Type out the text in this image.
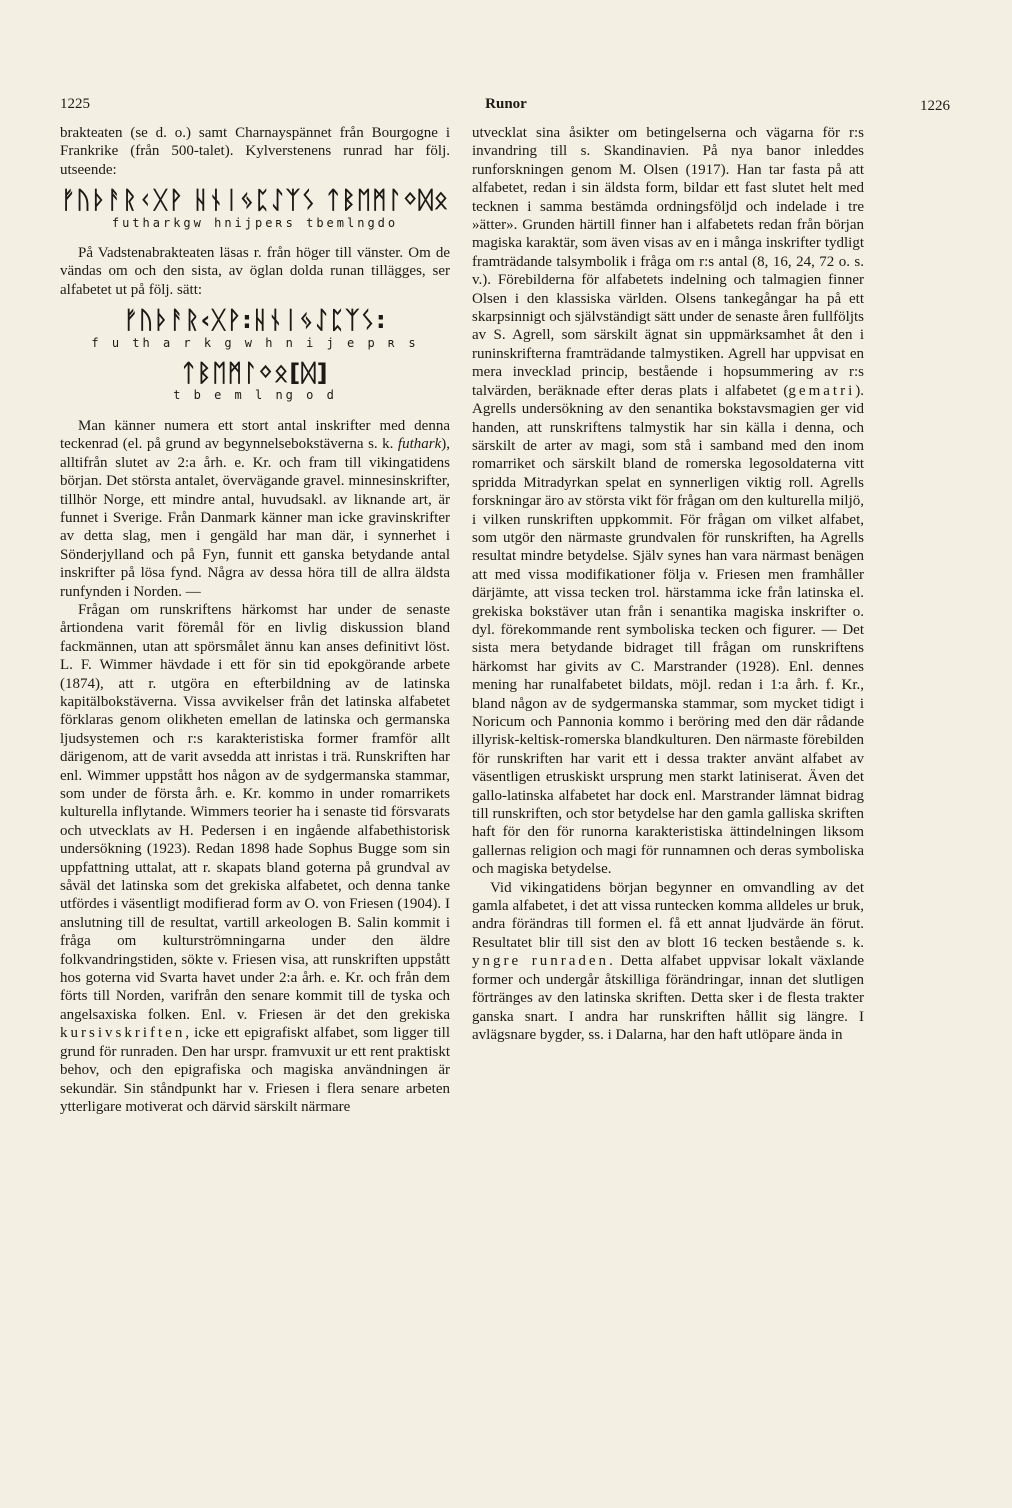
1225	Runor	1226

brakteaten (se d. o.) samt Charnayspännet från Bourgogne i Frankrike (från 500-talet). Kylverstenens runrad har följ. utseende:

ᚠᚢᚦᚨᚱᚲᚷᚹ ᚺᚾᛁᛃᛈᛇᛉᛊ ᛏᛒᛖᛗᛚᛜᛞᛟ
futharkgw hnijpeʀs tbemlngdo

På Vadstenabrakteaten läsas r. från höger till vänster. Om de vändas om och den sista, av öglan dolda runan tillägges, ser alfabetet ut på följ. sätt:

ᚠᚢᚦᚨᚱ‹ᚷᚹ:ᚺᚾᛁᛃᛇᛈᛉᛊ:
f u th a r k g w h n i j e p ʀ s
ᛏᛒᛖᛗᛚᛜᛟ[ᛞ]
t b e m l ng o d

Man känner numera ett stort antal inskrifter med denna teckenrad (el. på grund av begynnelsebokstäverna s. k. futhark), alltifrån slutet av 2:a årh. e. Kr. och fram till vikingatidens början. Det största antalet, övervägande gravel. minnesinskrifter, tillhör Norge, ett mindre antal, huvudsakl. av liknande art, är funnet i Sverige. Från Danmark känner man icke gravinskrifter av detta slag, men i gengäld har man där, i synnerhet i Sönderjylland och på Fyn, funnit ett ganska betydande antal inskrifter på lösa fynd. Några av dessa höra till de allra äldsta runfynden i Norden. —

Frågan om runskriftens härkomst har under de senaste årtiondena varit föremål för en livlig diskussion bland fackmännen, utan att spörsmålet ännu kan anses definitivt löst. L. F. Wimmer hävdade i ett för sin tid epokgörande arbete (1874), att r. utgöra en efterbildning av de latinska kapitälbokstäverna. Vissa avvikelser från det latinska alfabetet förklaras genom olikheten emellan de latinska och germanska ljudsystemen och r:s karakteristiska former framför allt därigenom, att de varit avsedda att inristas i trä. Runskriften har enl. Wimmer uppstått hos någon av de sydgermanska stammar, som under de första årh. e. Kr. kommo in under romarrikets kulturella inflytande. Wimmers teorier ha i senaste tid försvarats och utvecklats av H. Pedersen i en ingående alfabethistorisk undersökning (1923). Redan 1898 hade Sophus Bugge som sin uppfattning uttalat, att r. skapats bland goterna på grundval av såväl det latinska som det grekiska alfabetet, och denna tanke utfördes i väsentligt modifierad form av O. von Friesen (1904). I anslutning till de resultat, vartill arkeologen B. Salin kommit i fråga om kulturströmningarna under den äldre folkvandringstiden, sökte v. Friesen visa, att runskriften uppstått hos goterna vid Svarta havet under 2:a årh. e. Kr. och från dem förts till Norden, varifrån den senare kommit till de tyska och angelsaxiska folken. Enl. v. Friesen är det den grekiska kursivskriften, icke ett epigrafiskt alfabet, som ligger till grund för runraden. Den har urspr. framvuxit ur ett rent praktiskt behov, och den epigrafiska och magiska användningen är sekundär. Sin ståndpunkt har v. Friesen i flera senare arbeten ytterligare motiverat och därvid särskilt närmare

utvecklat sina åsikter om betingelserna och vägarna för r:s invandring till s. Skandinavien. På nya banor inleddes runforskningen genom M. Olsen (1917). Han tar fasta på att alfabetet, redan i sin äldsta form, bildar ett fast slutet helt med tecknen i samma bestämda ordningsföljd och indelade i tre »ätter». Grunden härtill finner han i alfabetets redan från början magiska karaktär, som även visas av en i många inskrifter tydligt framträdande talsymbolik i fråga om r:s antal (8, 16, 24, 72 o. s. v.). Förebilderna för alfabetets indelning och talmagien finner Olsen i den klassiska världen. Olsens tankegångar ha på ett skarpsinnigt och självständigt sätt under de senaste åren fullföljts av S. Agrell, som särskilt ägnat sin uppmärksamhet åt den i runinskrifterna framträdande talmystiken. Agrell har uppvisat en mera invecklad princip, bestående i hopsummering av r:s talvärden, beräknade efter deras plats i alfabetet (gematri). Agrells undersökning av den senantika bokstavsmagien ger vid handen, att runskriftens talmystik har sin källa i denna, och särskilt de arter av magi, som stå i samband med den inom romarriket och särskilt bland de romerska legosoldaterna vitt spridda Mitradyrkan spelat en synnerligen viktig roll. Agrells forskningar äro av största vikt för frågan om den kulturella miljö, i vilken runskriften uppkommit. För frågan om vilket alfabet, som utgör den närmaste grundvalen för runskriften, ha Agrells resultat mindre betydelse. Själv synes han vara närmast benägen att med vissa modifikationer följa v. Friesen men framhåller därjämte, att vissa tecken trol. härstamma icke från latinska el. grekiska bokstäver utan från i senantika magiska inskrifter o. dyl. förekommande rent symboliska tecken och figurer. — Det sista mera betydande bidraget till frågan om runskriftens härkomst har givits av C. Marstrander (1928). Enl. dennes mening har runalfabetet bildats, möjl. redan i 1:a årh. f. Kr., bland någon av de sydgermanska stammar, som mycket tidigt i Noricum och Pannonia kommo i beröring med den där rådande illyrisk-keltisk-romerska blandkulturen. Den närmaste förebilden för runskriften har varit ett i dessa trakter använt alfabet av väsentligen etruskiskt ursprung men starkt latiniserat. Även det gallo-latinska alfabetet har dock enl. Marstrander lämnat bidrag till runskriften, och stor betydelse har den gamla galliska skriften haft för den för runorna karakteristiska ättindelningen liksom gallernas religion och magi för runnamnen och deras symboliska och magiska betydelse.

Vid vikingatidens början begynner en omvandling av det gamla alfabetet, i det att vissa runtecken komma alldeles ur bruk, andra förändras till formen el. få ett annat ljudvärde än förut. Resultatet blir till sist den av blott 16 tecken bestående s. k. yngre runraden. Detta alfabet uppvisar lokalt växlande former och undergår åtskilliga förändringar, innan det slutligen förtränges av den latinska skriften. Detta sker i de flesta trakter ganska snart. I andra har runskriften hållit sig längre. I avlägsnare bygder, ss. i Dalarna, har den haft utlöpare ända in
